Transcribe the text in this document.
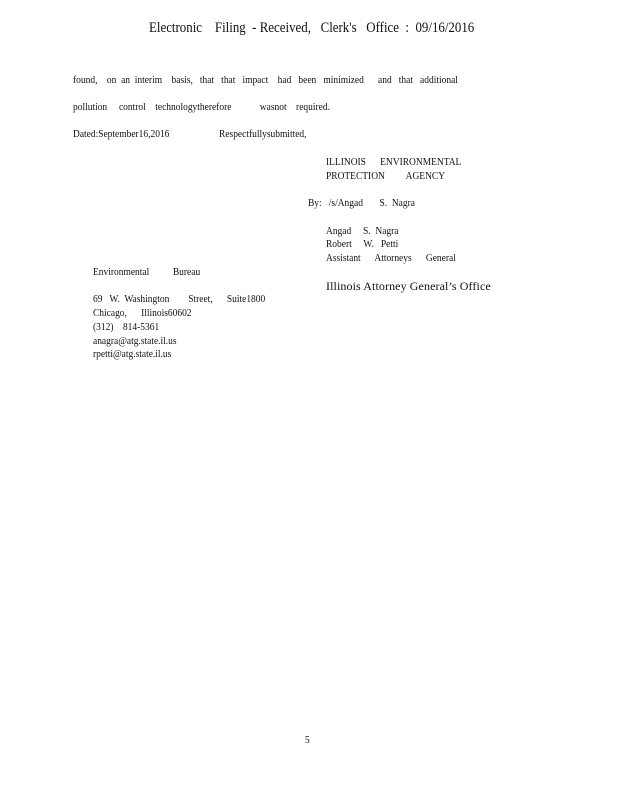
Electronic    Filing  - Received,   Clerk's   Office  :  09/16/2016
found,    on  an  interim    basis,   that   that   impact    had   been   minimized      and   that   additional
pollution     control    technologytherefore            wasnot    required.
Dated:September16,2016	Respectfullysubmitted,
ILLINOIS      ENVIRONMENTAL
PROTECTION         AGENCY
By:   /s/Angad       S.  Nagra
Angad     S.  Nagra
Robert     W.   Petti
Assistant      Attorneys      General
Illinois Attorney General’s Office
Environmental          Bureau
69   W.  Washington        Street,      Suite1800
Chicago,      Illinois60602
(312)    814-5361
anagra@atg.state.il.us
rpetti@atg.state.il.us
5
